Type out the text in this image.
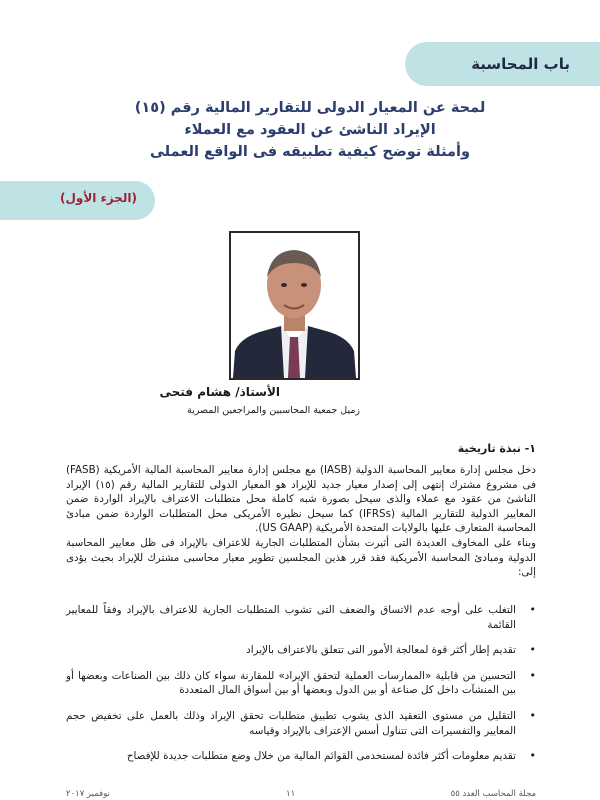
باب المحاسبة
لمحة عن المعيار الدولى للتقارير المالية رقم (١٥)
الإيراد الناشئ عن العقود مع العملاء
وأمثلة توضح كيفية تطبيقه فى الواقع العملى
(الجزء الأول)
الأستاذ/ هشام فتحى
زميل جمعية المحاسبين والمراجعين المصرية
١- نبذة تاريخية

دخل مجلس إدارة معايير المحاسبة الدولية (IASB) مع مجلس إدارة معايير المحاسبة المالية الأمريكية (FASB) فى مشروع مشترك إنتهى إلى إصدار معيار جديد للإيراد هو المعيار الدولى للتقارير المالية رقم (١٥) الإيراد الناشئ من عقود مع عملاء والذى سيحل بصورة شبه كاملة محل متطلبات الاعتراف بالإيراد الواردة ضمن المعايير الدولية للتقارير المالية (IFRSs) كما سيحل نظيره الأمريكى محل المتطلبات الواردة ضمن مبادئ المحاسبة المتعارف عليها بالولايات المتحدة الأمريكية (US GAAP).

وبناء على المخاوف العديدة التى أثيرت بشأن المتطلبات الجارية للاعتراف بالإيراد فى ظل معايير المحاسبة الدولية ومبادئ المحاسبة الأمريكية فقد قرر هذين المجلسين تطوير معيار محاسبى مشترك للإيراد بحيث يؤدى إلى:

•
التغلب على أوجه عدم الاتساق والضعف التى تشوب المتطلبات الجارية للاعتراف بالإيراد وفقاً للمعايير القائمة
•
تقديم إطار أكثر قوة لمعالجة الأمور التى تتعلق بالاعتراف بالإيراد
•
التحسين من قابلية «الممارسات العملية لتحقق الإيراد» للمقارنة سواء كان ذلك بين الصناعات وبعضها أو بين المنشآت داخل كل صناعة أو بين الدول وبعضها أو بين أسواق المال المتعددة
•
التقليل من مستوى التعقيد الذى يشوب تطبيق متطلبات تحقق الإيراد وذلك بالعمل على تخفيض حجم المعايير والتفسيرات التى تتناول أسس الإعتراف بالإيراد وقياسه
•
تقديم معلومات أكثر فائدة لمستخدمى القوائم المالية من خلال وضع متطلبات جديدة للإفصاح
مجلة المحاسب العدد ٥٥
١١
نوفمبر ٢٠١٧
